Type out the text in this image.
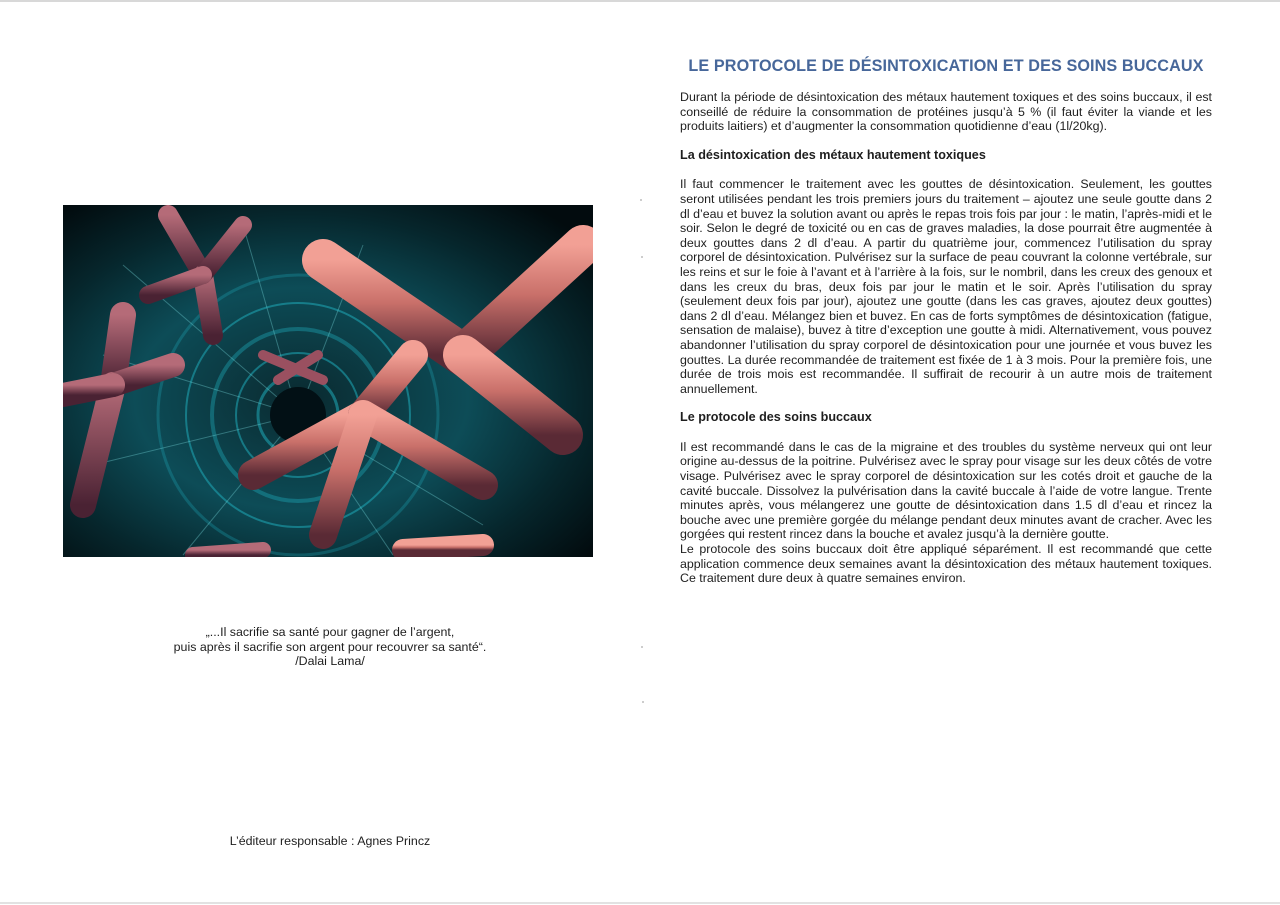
„...Il sacrifie sa santé pour gagner de l’argent,
puis après il sacrifie son argent pour recouvrer sa santé“.
/Dalai Lama/
L’éditeur responsable : Agnes Princz
LE PROTOCOLE DE DÉSINTOXICATION ET DES SOINS BUCCAUX

Durant la période de désintoxication des métaux hautement toxiques et des soins buccaux, il est conseillé de réduire la consommation de protéines jusqu’à 5 % (il faut éviter la viande et les produits laitiers) et d’augmenter la consommation quotidienne d’eau (1l/20kg).

La désintoxication des métaux hautement toxiques

Il faut commencer le traitement avec les gouttes de désintoxication. Seulement, les gouttes seront utilisées pendant les trois premiers jours du traitement – ajoutez une seule goutte dans 2 dl d’eau et buvez la solution avant ou après le repas trois fois par jour : le matin, l’après-midi et le soir. Selon le degré de toxicité ou en cas de graves maladies, la dose pourrait être augmentée à deux gouttes dans 2 dl d’eau. A partir du quatrième jour, commencez l’utilisation du spray corporel de désintoxication. Pulvérisez sur la surface de peau couvrant la colonne vertébrale, sur les reins et sur le foie à l’avant et à l’arrière à la fois, sur le nombril, dans les creux des genoux et dans les creux du bras, deux fois par jour le matin et le soir. Après l’utilisation du spray (seulement deux fois par jour), ajoutez une goutte (dans les cas graves, ajoutez deux gouttes) dans 2 dl d’eau. Mélangez bien et buvez. En cas de forts symptômes de désintoxication (fatigue, sensation de malaise), buvez à titre d’exception une goutte à midi. Alternativement, vous pouvez abandonner l’utilisation du spray corporel de désintoxication pour une journée et vous buvez les gouttes. La durée recommandée de traitement est fixée de 1 à 3 mois. Pour la première fois, une durée de trois mois est recommandée. Il suffirait de recourir à un autre mois de traitement annuellement.

Le protocole des soins buccaux

Il est recommandé dans le cas de la migraine et des troubles du système nerveux qui ont leur origine au-dessus de la poitrine. Pulvérisez avec le spray pour visage sur les deux côtés de votre visage. Pulvérisez avec le spray corporel de désintoxication sur les cotés droit et gauche de la cavité buccale. Dissolvez la pulvérisation dans la cavité buccale à l’aide de votre langue. Trente minutes après, vous mélangerez une goutte de désintoxication dans 1.5 dl d’eau et rincez la bouche avec une première gorgée du mélange pendant deux minutes avant de cracher. Avec les gorgées qui restent rincez dans la bouche et avalez jusqu’à la dernière goutte.

Le protocole des soins buccaux doit être appliqué séparément. Il est recommandé que cette application commence deux semaines avant la désintoxication des métaux hautement toxiques. Ce traitement dure deux à quatre semaines environ.
